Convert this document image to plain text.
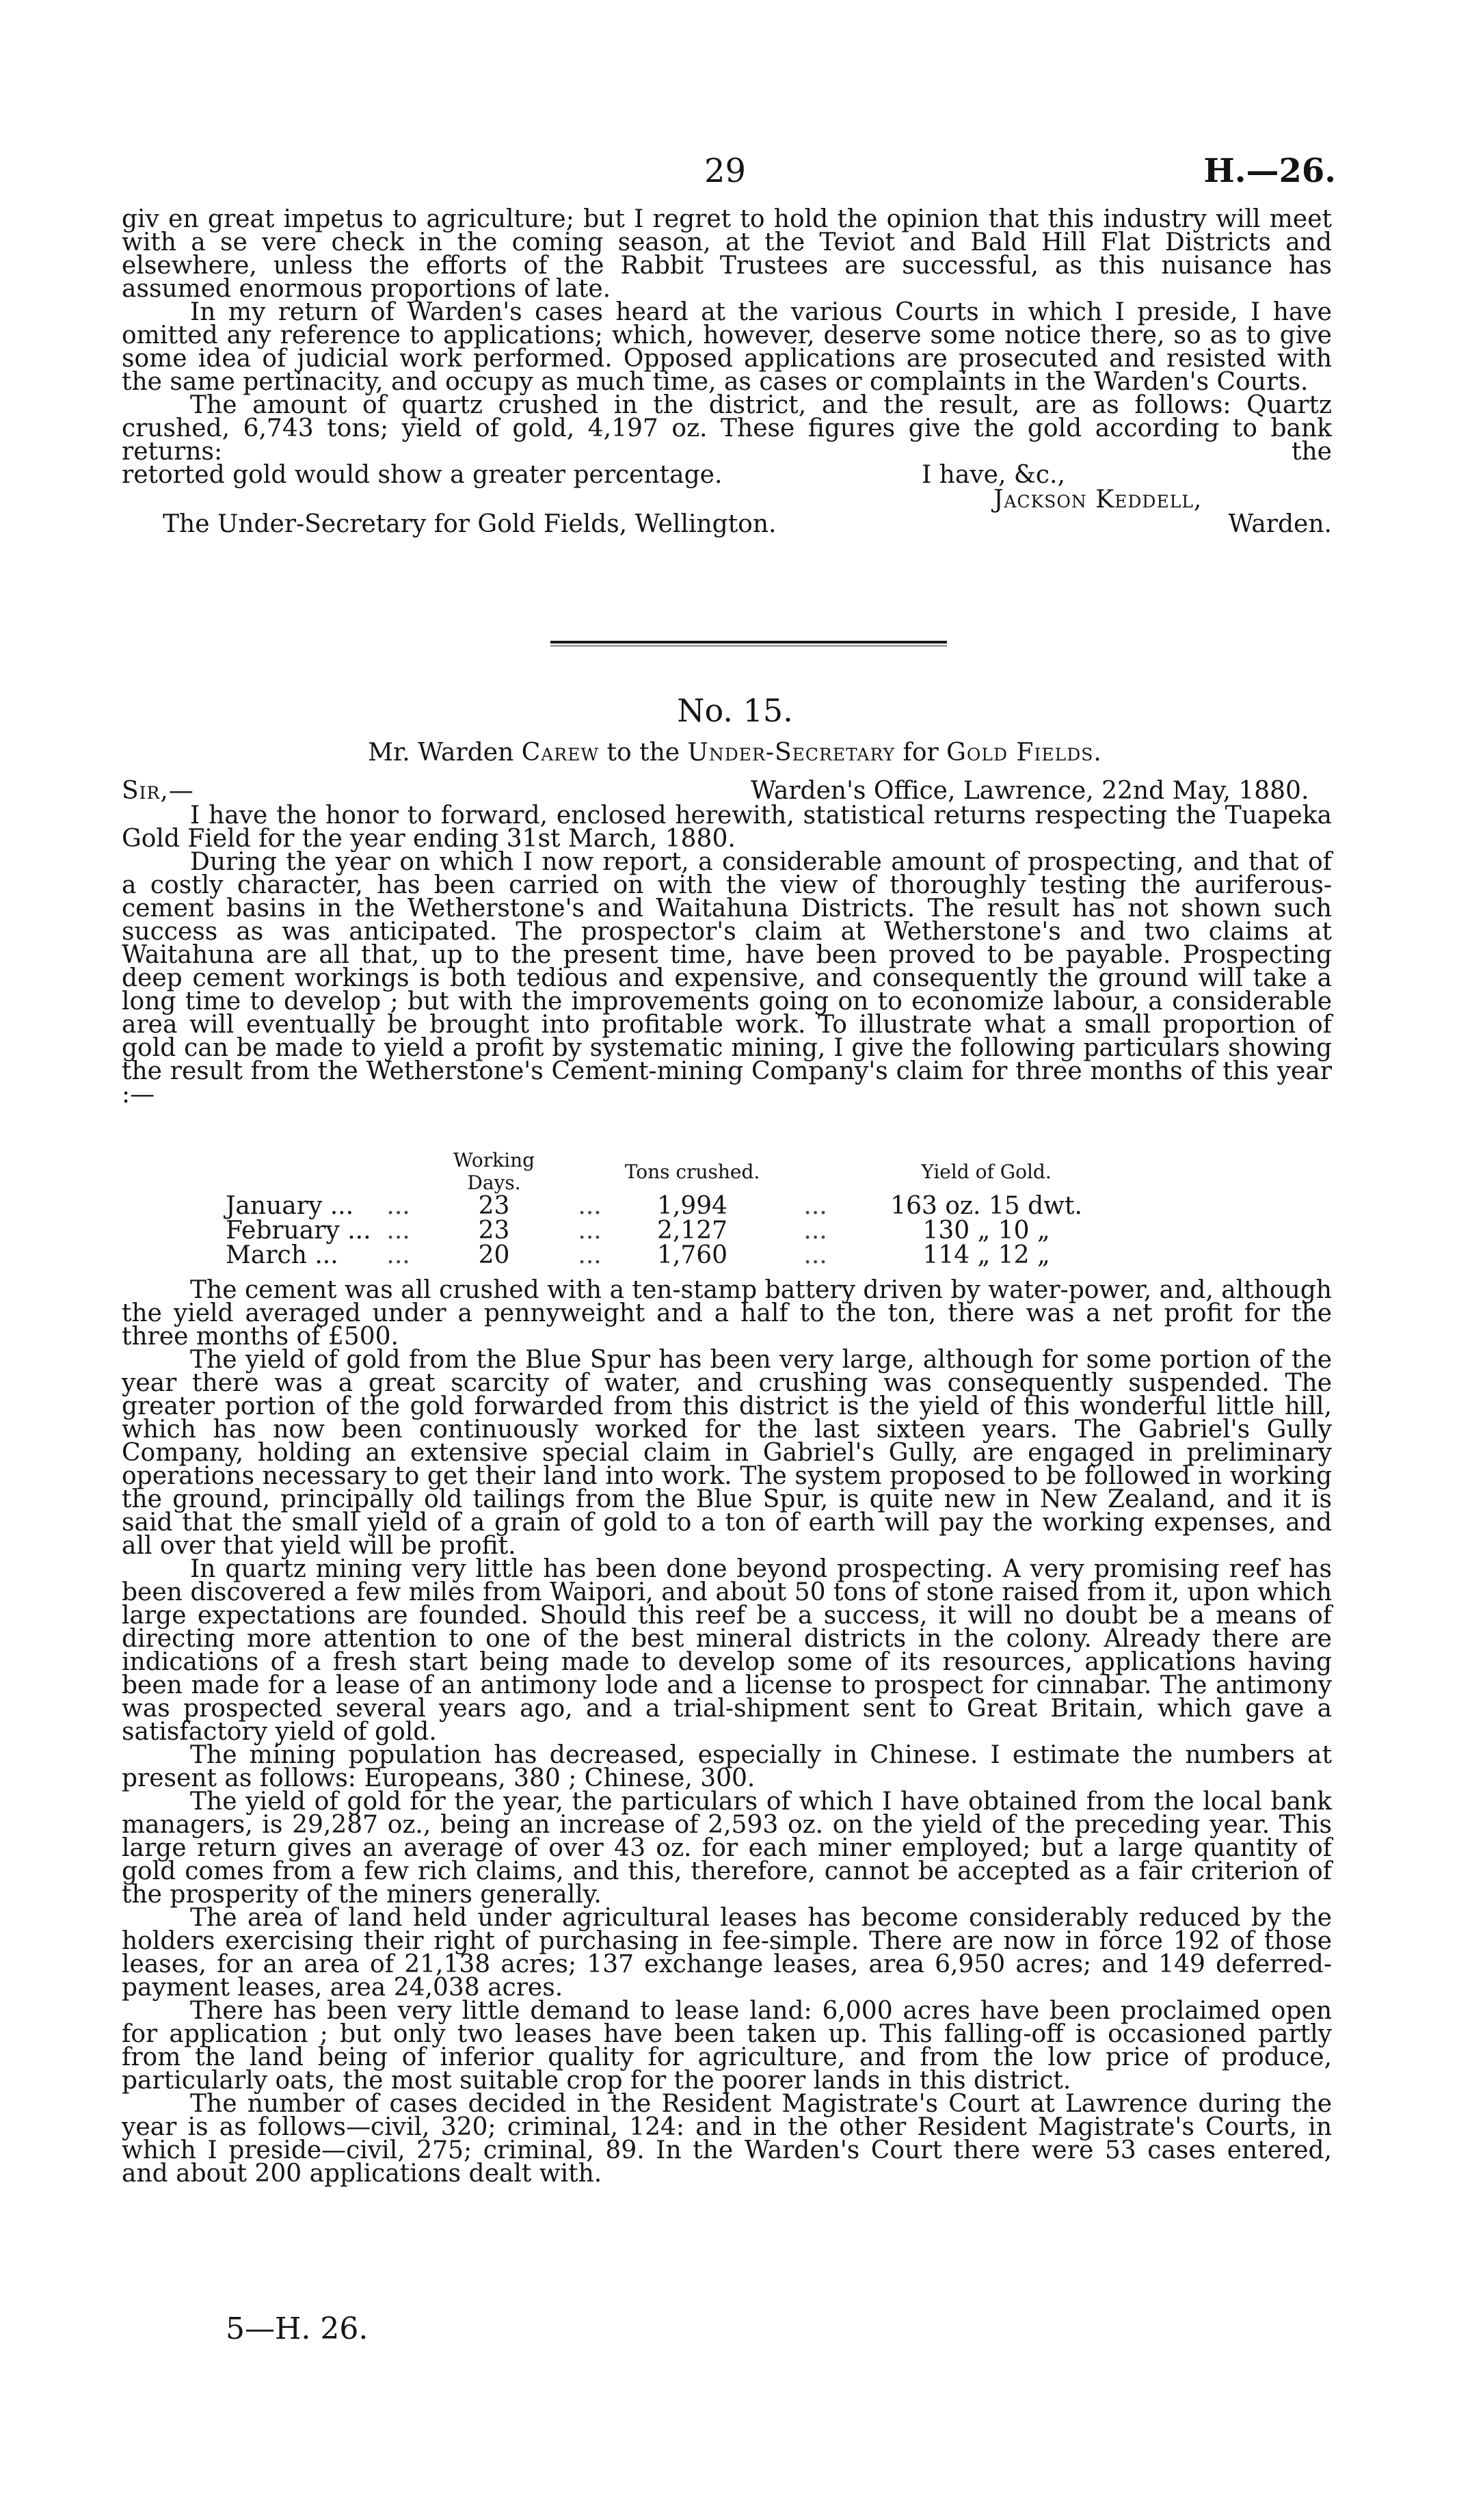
29	H.—26.

giv en great impetus to agriculture; but I regret to hold the opinion that this industry will meet with a se vere check in the coming season, at the Teviot and Bald Hill Flat Districts and elsewhere, unless the efforts of the Rabbit Trustees are successful, as this nuisance has assumed enormous proportions of late.

In my return of Warden's cases heard at the various Courts in which I preside, I have omitted any reference to applications; which, however, deserve some notice there, so as to give some idea of judicial work performed. Opposed applications are prosecuted and resisted with the same pertinacity, and occupy as much time, as cases or complaints in the Warden's Courts.

The amount of quartz crushed in the district, and the result, are as follows: Quartz crushed, 6,743 tons; yield of gold, 4,197 oz. These figures give the gold according to bank returns: the

retorted gold would show a greater percentage.	I have, &c.,
Jackson Keddell,
The Under-Secretary for Gold Fields, Wellington.	Warden.
No. 15.
Mr. Warden Carew to the Under-Secretary for Gold Fields.
Sir,—	Warden's Office, Lawrence, 22nd May, 1880.

I have the honor to forward, enclosed herewith, statistical returns respecting the Tuapeka Gold Field for the year ending 31st March, 1880.

During the year on which I now report, a considerable amount of prospecting, and that of a costly character, has been carried on with the view of thoroughly testing the auriferous-cement basins in the Wetherstone's and Waitahuna Districts. The result has not shown such success as was anticipated. The prospector's claim at Wetherstone's and two claims at Waitahuna are all that, up to the present time, have been proved to be payable. Prospecting deep cement workings is both tedious and expensive, and consequently the ground will take a long time to develop ; but with the improvements going on to economize labour, a considerable area will eventually be brought into profitable work. To illustrate what a small proportion of gold can be made to yield a profit by systematic mining, I give the following particulars showing the result from the Wetherstone's Cement-mining Company's claim for three months of this year :—

		Working Days.		Tons crushed.		Yield of Gold.
January ...	...	23	...	1,994	...	163 oz. 15 dwt.
February ...	...	23	...	2,127	...	130 „ 10 „
March ...	...	20	...	1,760	...	114 „ 12 „

The cement was all crushed with a ten-stamp battery driven by water-power, and, although the yield averaged under a pennyweight and a half to the ton, there was a net profit for the three months of £500.

The yield of gold from the Blue Spur has been very large, although for some portion of the year there was a great scarcity of water, and crushing was consequently suspended. The greater portion of the gold forwarded from this district is the yield of this wonderful little hill, which has now been continuously worked for the last sixteen years. The Gabriel's Gully Company, holding an extensive special claim in Gabriel's Gully, are engaged in preliminary operations necessary to get their land into work. The system proposed to be followed in working the ground, principally old tailings from the Blue Spur, is quite new in New Zealand, and it is said that the small yield of a grain of gold to a ton of earth will pay the working expenses, and all over that yield will be profit.

In quartz mining very little has been done beyond prospecting. A very promising reef has been discovered a few miles from Waipori, and about 50 tons of stone raised from it, upon which large expectations are founded. Should this reef be a success, it will no doubt be a means of directing more attention to one of the best mineral districts in the colony. Already there are indications of a fresh start being made to develop some of its resources, applications having been made for a lease of an antimony lode and a license to prospect for cinnabar. The antimony was prospected several years ago, and a trial-shipment sent to Great Britain, which gave a satisfactory yield of gold.

The mining population has decreased, especially in Chinese. I estimate the numbers at present as follows: Europeans, 380 ; Chinese, 300.

The yield of gold for the year, the particulars of which I have obtained from the local bank managers, is 29,287 oz., being an increase of 2,593 oz. on the yield of the preceding year. This large return gives an average of over 43 oz. for each miner employed; but a large quantity of gold comes from a few rich claims, and this, therefore, cannot be accepted as a fair criterion of the prosperity of the miners generally.

The area of land held under agricultural leases has become considerably reduced by the holders exercising their right of purchasing in fee-simple. There are now in force 192 of those leases, for an area of 21,138 acres; 137 exchange leases, area 6,950 acres; and 149 deferred-payment leases, area 24,038 acres.

There has been very little demand to lease land: 6,000 acres have been proclaimed open for application ; but only two leases have been taken up. This falling-off is occasioned partly from the land being of inferior quality for agriculture, and from the low price of produce, particularly oats, the most suitable crop for the poorer lands in this district.

The number of cases decided in the Resident Magistrate's Court at Lawrence during the year is as follows—civil, 320; criminal, 124: and in the other Resident Magistrate's Courts, in which I preside—civil, 275; criminal, 89. In the Warden's Court there were 53 cases entered, and about 200 applications dealt with.

5—H. 26.
